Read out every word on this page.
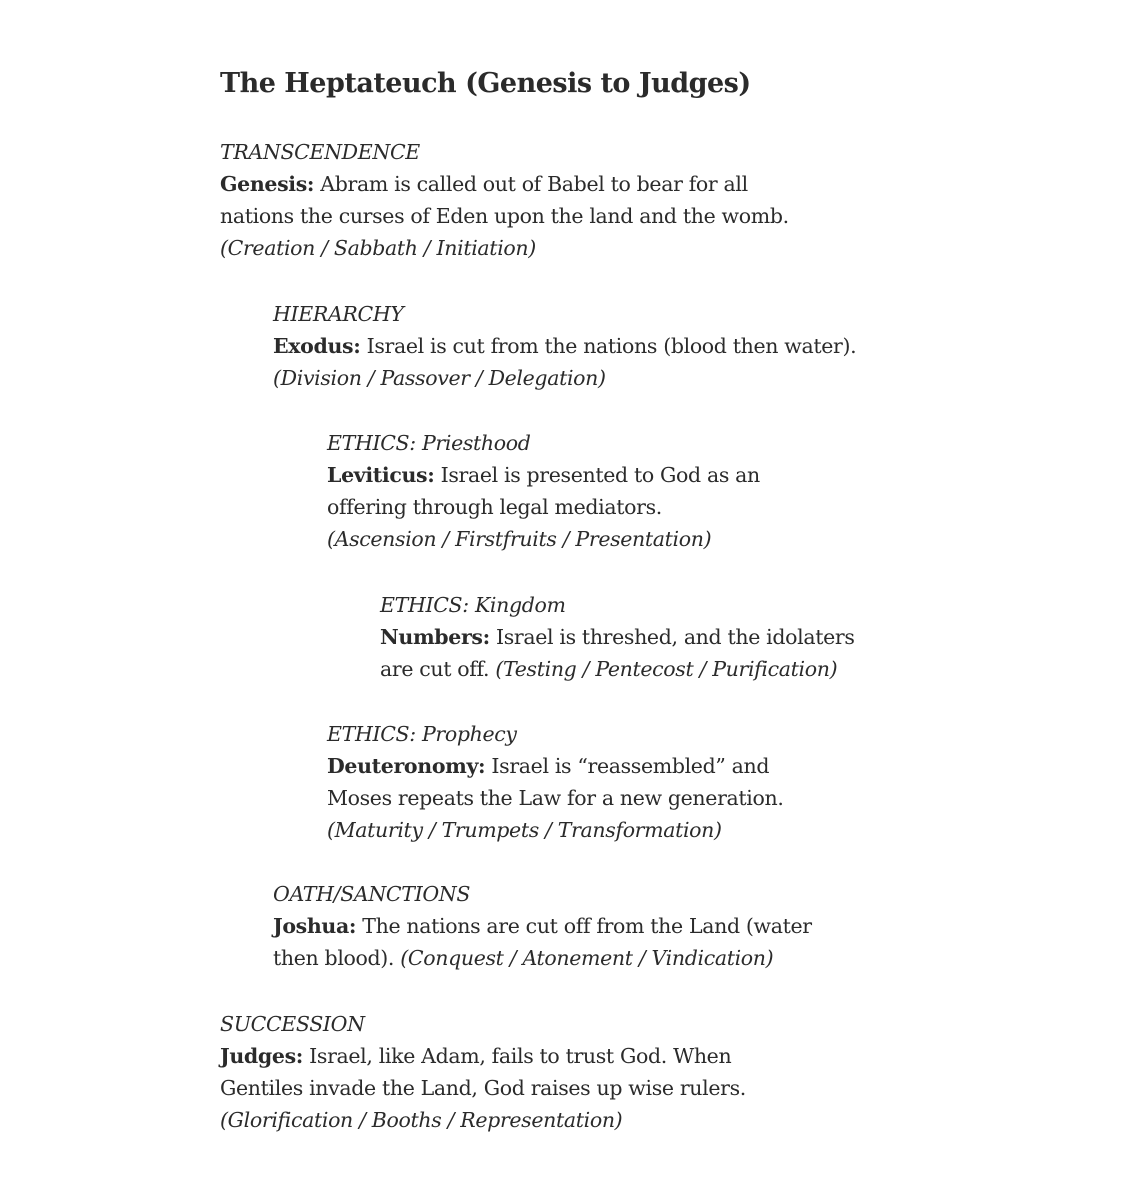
The Heptateuch (Genesis to Judges)

TRANSCENDENCE

Genesis: Abram is called out of Babel to bear for all

nations the curses of Eden upon the land and the womb.

(Creation / Sabbath / Initiation)

HIERARCHY

Exodus: Israel is cut from the nations (blood then water).

(Division / Passover / Delegation)

ETHICS: Priesthood

Leviticus: Israel is presented to God as an

offering through legal mediators.

(Ascension / Firstfruits / Presentation)

ETHICS: Kingdom

Numbers: Israel is threshed, and the idolaters

are cut off. (Testing / Pentecost / Purification)

ETHICS: Prophecy

Deuteronomy: Israel is “reassembled” and

Moses repeats the Law for a new generation.

(Maturity / Trumpets / Transformation)

OATH/SANCTIONS

Joshua: The nations are cut off from the Land (water

then blood). (Conquest / Atonement / Vindication)

SUCCESSION

Judges: Israel, like Adam, fails to trust God. When

Gentiles invade the Land, God raises up wise rulers.

(Glorification / Booths / Representation)
